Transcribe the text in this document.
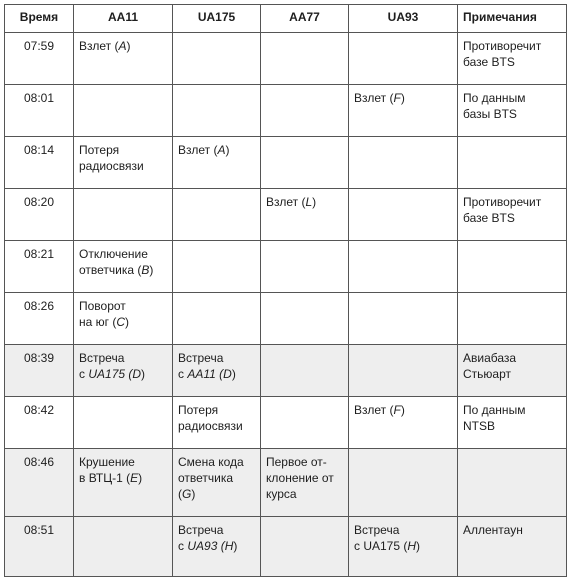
Время	AA11	UA175	AA77	UA93	Примечания
07:59	Взлет (A)				Противоречит
базе BTS

08:01				Взлет (F)	По данным
базы BTS

08:14	Потеря
радиосвязи	Взлет (A)			

08:20			Взлет (L)		Противоречит
базе BTS

08:21	Отключение
ответчика (B)				

08:26	Поворот
на юг (C)				

08:39	Встреча
с UA175 (D)	Встреча
с AA11 (D)			Авиабаза
Стьюарт

08:42		Потеря
радиосвязи		Взлет (F)	По данным
NTSB

08:46	Крушение
в ВТЦ-1 (E)	Смена кода
ответчика
(G)	Первое от-
клонение от
курса		

08:51		Встреча
с UA93 (H)		Встреча
с UA175 (H)	Аллентаун
